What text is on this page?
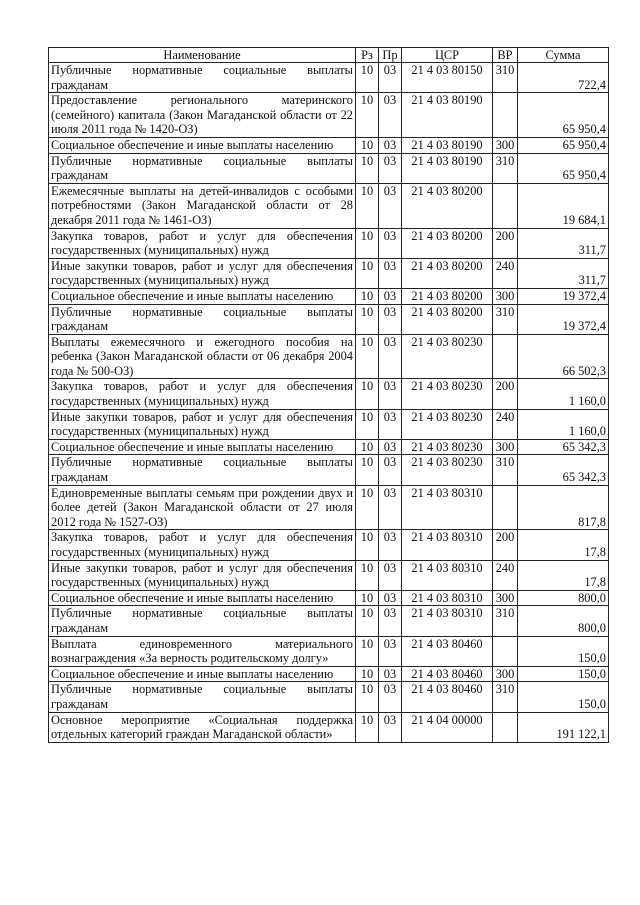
Наименование	Рз	Пр	ЦСР	ВР	Сумма
Публичные нормативные социальные выплаты гражданам	10	03	21 4 03 80150	310	722,4
Предоставление регионального материнского (семейного) капитала (Закон Магаданской области от 22 июля 2011 года № 1420-ОЗ)	10	03	21 4 03 80190		65 950,4
Социальное обеспечение и иные выплаты населению	10	03	21 4 03 80190	300	65 950,4
Публичные нормативные социальные выплаты гражданам	10	03	21 4 03 80190	310	65 950,4
Ежемесячные выплаты на детей-инвалидов с особыми потребностями (Закон Магаданской области от 28 декабря 2011 года № 1461-ОЗ)	10	03	21 4 03 80200		19 684,1
Закупка товаров, работ и услуг для обеспечения государственных (муниципальных) нужд	10	03	21 4 03 80200	200	311,7
Иные закупки товаров, работ и услуг для обеспечения государственных (муниципальных) нужд	10	03	21 4 03 80200	240	311,7
Социальное обеспечение и иные выплаты населению	10	03	21 4 03 80200	300	19 372,4
Публичные нормативные социальные выплаты гражданам	10	03	21 4 03 80200	310	19 372,4
Выплаты ежемесячного и ежегодного пособия на ребенка (Закон Магаданской области от 06 декабря 2004 года № 500-ОЗ)	10	03	21 4 03 80230		66 502,3
Закупка товаров, работ и услуг для обеспечения государственных (муниципальных) нужд	10	03	21 4 03 80230	200	1 160,0
Иные закупки товаров, работ и услуг для обеспечения государственных (муниципальных) нужд	10	03	21 4 03 80230	240	1 160,0
Социальное обеспечение и иные выплаты населению	10	03	21 4 03 80230	300	65 342,3
Публичные нормативные социальные выплаты гражданам	10	03	21 4 03 80230	310	65 342,3
Единовременные выплаты семьям при рождении двух и более детей (Закон Магаданской области от 27 июля 2012 года № 1527-ОЗ)	10	03	21 4 03 80310		817,8
Закупка товаров, работ и услуг для обеспечения государственных (муниципальных) нужд	10	03	21 4 03 80310	200	17,8
Иные закупки товаров, работ и услуг для обеспечения государственных (муниципальных) нужд	10	03	21 4 03 80310	240	17,8
Социальное обеспечение и иные выплаты населению	10	03	21 4 03 80310	300	800,0
Публичные нормативные социальные выплаты гражданам	10	03	21 4 03 80310	310	800,0
Выплата единовременного материального вознаграждения «За верность родительскому долгу»	10	03	21 4 03 80460		150,0
Социальное обеспечение и иные выплаты населению	10	03	21 4 03 80460	300	150,0
Публичные нормативные социальные выплаты гражданам	10	03	21 4 03 80460	310	150,0
Основное мероприятие «Социальная поддержка отдельных категорий граждан Магаданской области»	10	03	21 4 04 00000		191 122,1
